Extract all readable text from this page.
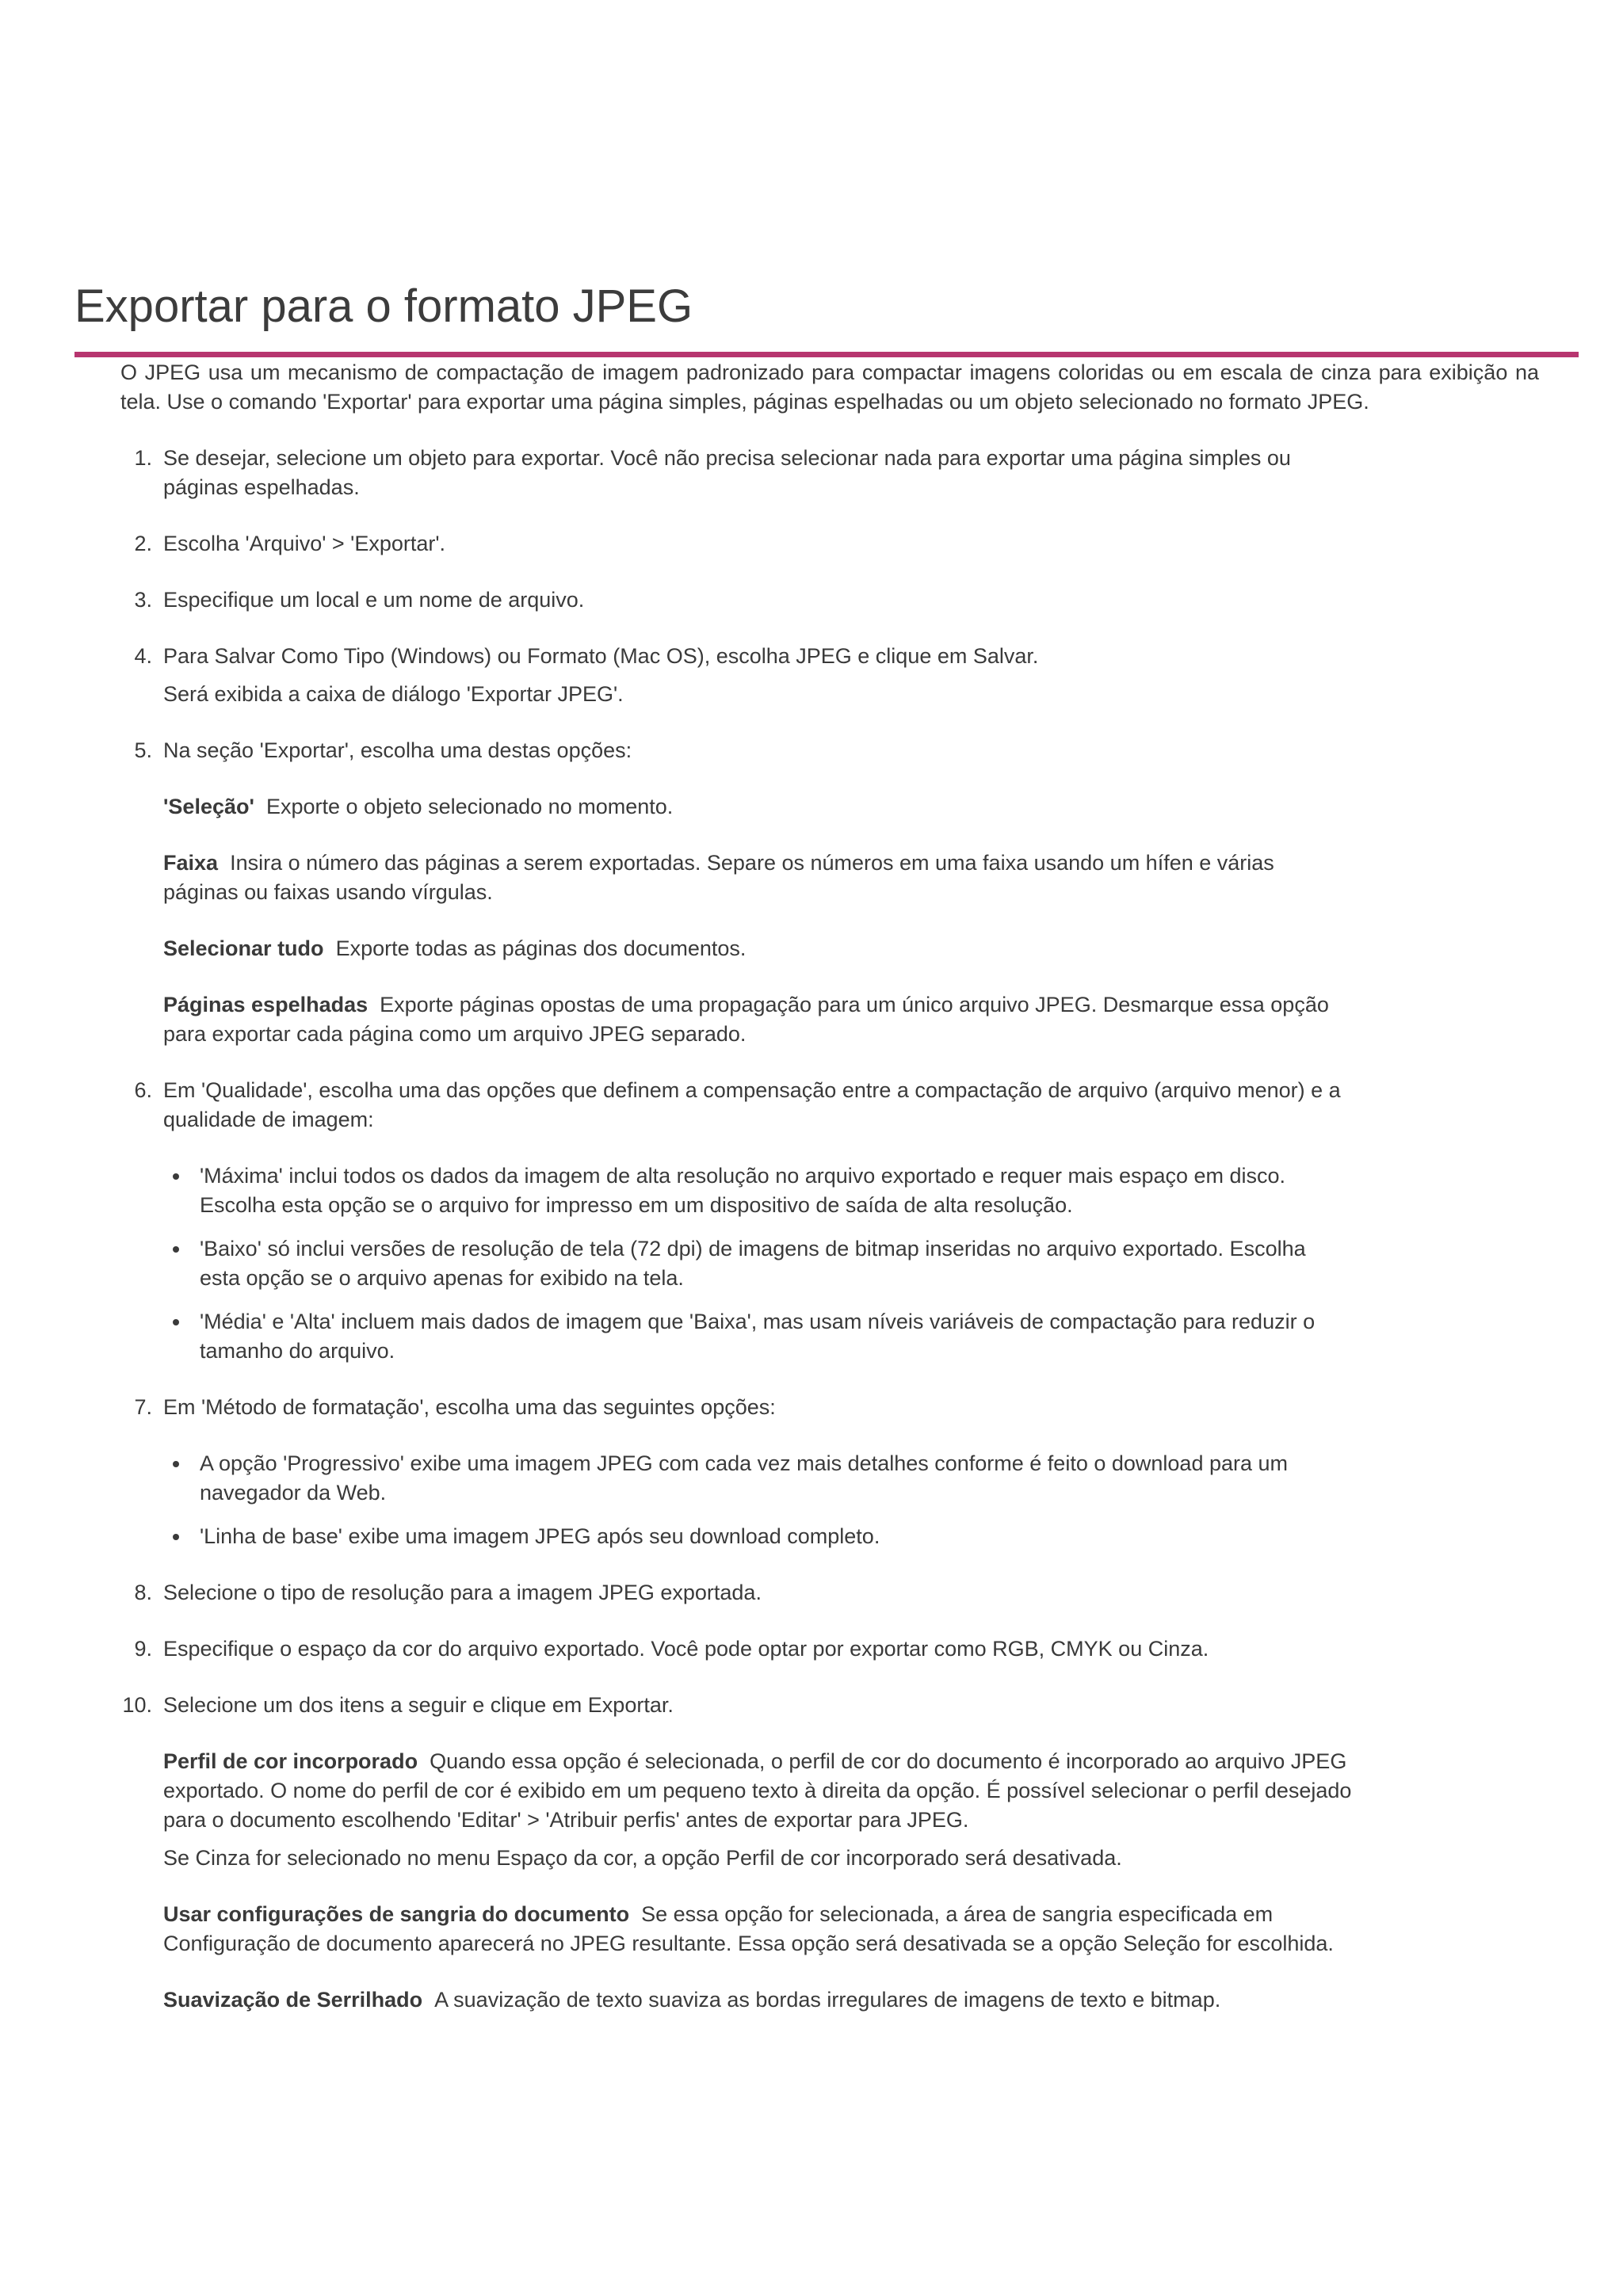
Exportar para o formato JPEG

O JPEG usa um mecanismo de compactação de imagem padronizado para compactar imagens coloridas ou em escala de cinza para exibição na tela. Use o comando 'Exportar' para exportar uma página simples, páginas espelhadas ou um objeto selecionado no formato JPEG.

1. Se desejar, selecione um objeto para exportar. Você não precisa selecionar nada para exportar uma página simples ou páginas espelhadas.

2. Escolha 'Arquivo' > 'Exportar'.

3. Especifique um local e um nome de arquivo.

4. Para Salvar Como Tipo (Windows) ou Formato (Mac OS), escolha JPEG e clique em Salvar.

Será exibida a caixa de diálogo 'Exportar JPEG'.

5. Na seção 'Exportar', escolha uma destas opções:

'Seleção' Exporte o objeto selecionado no momento.

Faixa Insira o número das páginas a serem exportadas. Separe os números em uma faixa usando um hífen e várias páginas ou faixas usando vírgulas.

Selecionar tudo Exporte todas as páginas dos documentos.

Páginas espelhadas Exporte páginas opostas de uma propagação para um único arquivo JPEG. Desmarque essa opção para exportar cada página como um arquivo JPEG separado.

6. Em 'Qualidade', escolha uma das opções que definem a compensação entre a compactação de arquivo (arquivo menor) e a qualidade de imagem:

'Máxima' inclui todos os dados da imagem de alta resolução no arquivo exportado e requer mais espaço em disco. Escolha esta opção se o arquivo for impresso em um dispositivo de saída de alta resolução.
'Baixo' só inclui versões de resolução de tela (72 dpi) de imagens de bitmap inseridas no arquivo exportado. Escolha esta opção se o arquivo apenas for exibido na tela.
'Média' e 'Alta' incluem mais dados de imagem que 'Baixa', mas usam níveis variáveis de compactação para reduzir o tamanho do arquivo.
7. Em 'Método de formatação', escolha uma das seguintes opções:

A opção 'Progressivo' exibe uma imagem JPEG com cada vez mais detalhes conforme é feito o download para um navegador da Web.
'Linha de base' exibe uma imagem JPEG após seu download completo.
8. Selecione o tipo de resolução para a imagem JPEG exportada.

9. Especifique o espaço da cor do arquivo exportado. Você pode optar por exportar como RGB, CMYK ou Cinza.

10. Selecione um dos itens a seguir e clique em Exportar.

Perfil de cor incorporado Quando essa opção é selecionada, o perfil de cor do documento é incorporado ao arquivo JPEG exportado. O nome do perfil de cor é exibido em um pequeno texto à direita da opção. É possível selecionar o perfil desejado para o documento escolhendo 'Editar' > 'Atribuir perfis' antes de exportar para JPEG.

Se Cinza for selecionado no menu Espaço da cor, a opção Perfil de cor incorporado será desativada.

Usar configurações de sangria do documento Se essa opção for selecionada, a área de sangria especificada em Configuração de documento aparecerá no JPEG resultante. Essa opção será desativada se a opção Seleção for escolhida.

Suavização de Serrilhado A suavização de texto suaviza as bordas irregulares de imagens de texto e bitmap.
